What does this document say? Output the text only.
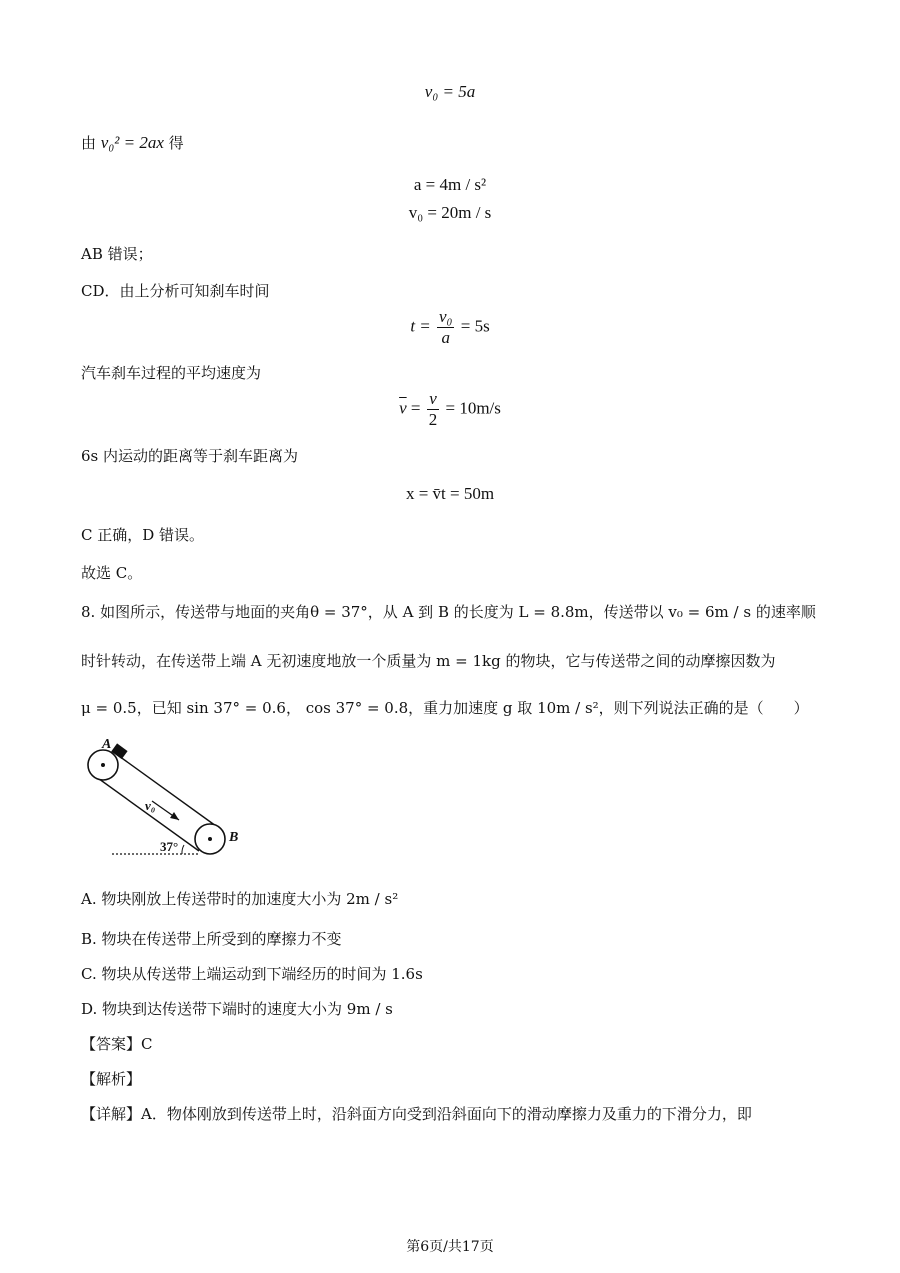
v₀ = 5a
由 v₀² = 2ax 得
a = 4m / s²
v₀ = 20m / s
AB 错误；
CD．由上分析可知刹车时间
$t = \frac{\text{v₀}}{a} = 5s$
汽车刹车过程的平均速度为
$\overline{v} = \frac{v}{2} = 10m/s$
6s 内运动的距离等于刹车距离为
x = v̄t = 50m
C 正确，D 错误。
故选 C。
8. 如图所示，传送带与地面的夹角θ = 37°，从 A 到 B 的长度为 L = 8.8m，传送带以 v₀ = 6m / s 的速率顺
时针转动，在传送带上端 A 无初速度地放一个质量为 m = 1kg 的物块，它与传送带之间的动摩擦因数为
μ = 0.5，已知 sin 37° = 0.6， cos 37° = 0.8，重力加速度 g 取 10m / s²，则下列说法正确的是（　　）
A
B
v₀
37°
A. 物块刚放上传送带时的加速度大小为 2m / s²
B. 物块在传送带上所受到的摩擦力不变
C. 物块从传送带上端运动到下端经历的时间为 1.6s
D. 物块到达传送带下端时的速度大小为 9m / s
【答案】C
【解析】
【详解】A．物体刚放到传送带上时，沿斜面方向受到沿斜面向下的滑动摩擦力及重力的下滑分力，即
第6页/共17页
